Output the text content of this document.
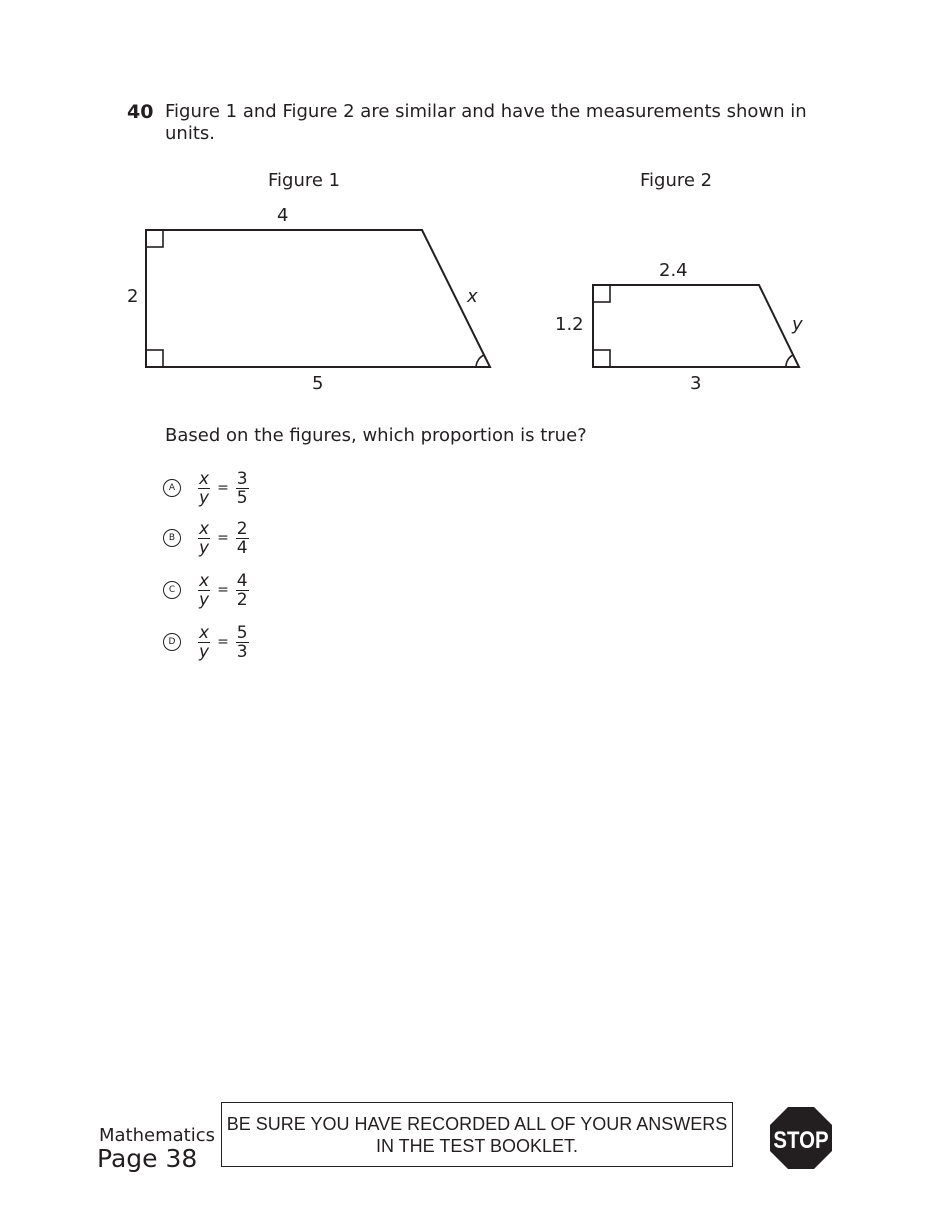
40 Figure 1 and Figure 2 are similar and have the measurements shown in units.
Figure 1	Figure 2
4
2	x
5
2.4
1.2	y
3
Based on the figures, which proportion is true?
A	$\frac{x}{y} = \frac{3}{5}$
B	$\frac{x}{y} = \frac{2}{4}$
C	$\frac{x}{y} = \frac{4}{2}$
D	$\frac{x}{y} = \frac{5}{3}$
Mathematics
Page 38
BE SURE YOU HAVE RECORDED ALL OF YOUR ANSWERS
IN THE TEST BOOKLET.	STOP
